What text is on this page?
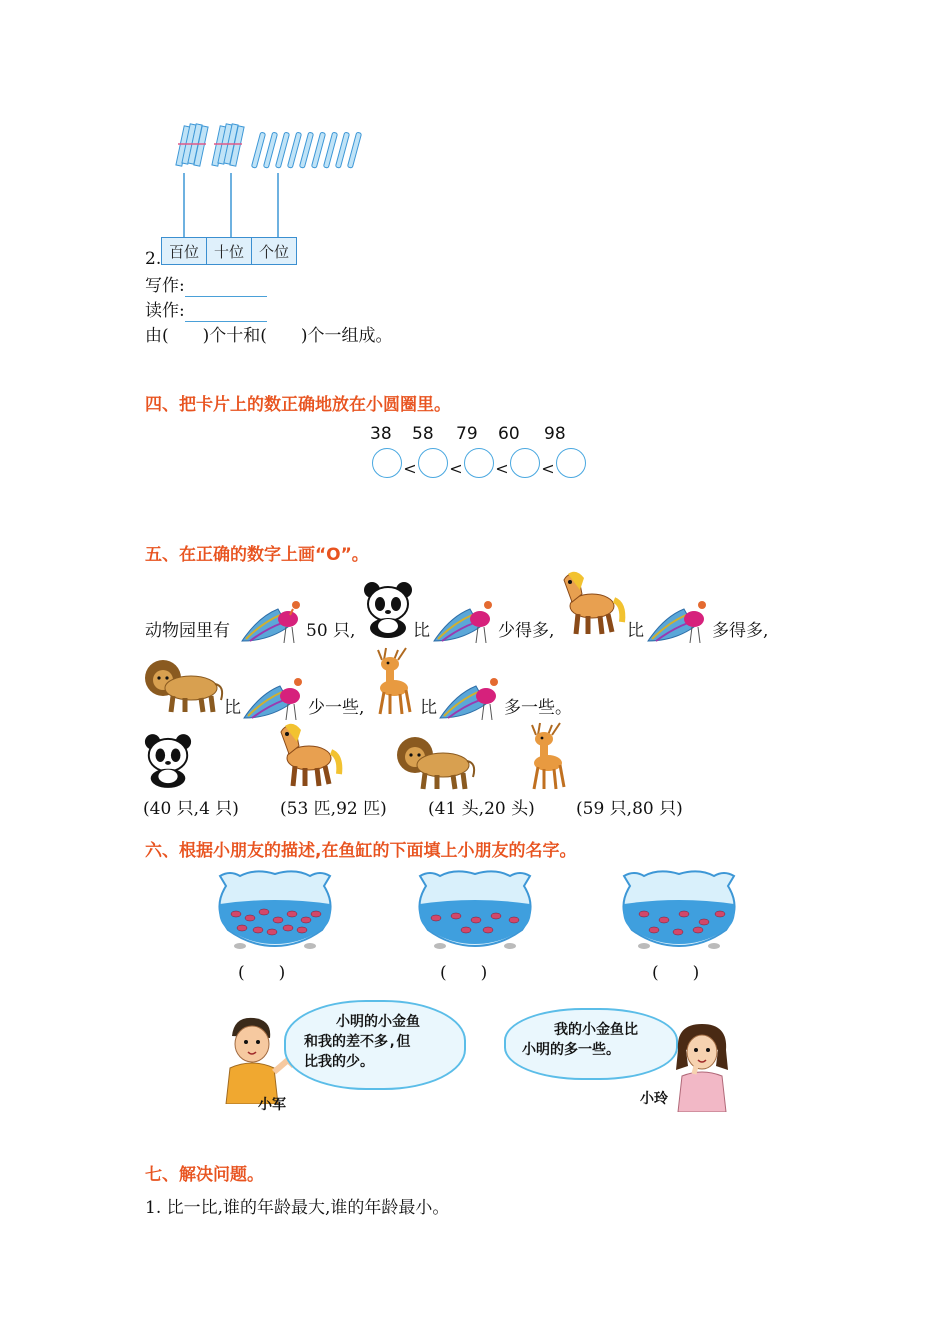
2. 百位	十位	个位
写作:
读作:
由(　　)个十和(　　)个一组成。
四、把卡片上的数正确地放在小圆圈里。
38 58 79 60 98
< < < <
五、在正确的数字上画“O”。
动物园里有	50 只,	比	少得多,	比	多得多,
比	少一些,	比	多一些。
(40 只,4 只) (53 匹,92 匹) (41 头,20 头) (59 只,80 只)
六、根据小朋友的描述,在鱼缸的下面填上小朋友的名字。
(　　)	(　　)	(　　)
小军
小明的小金鱼
和我的差不多,但
比我的少。
我的小金鱼比
小明的多一些。
小玲
七、解决问题。
1. 比一比,谁的年龄最大,谁的年龄最小。
